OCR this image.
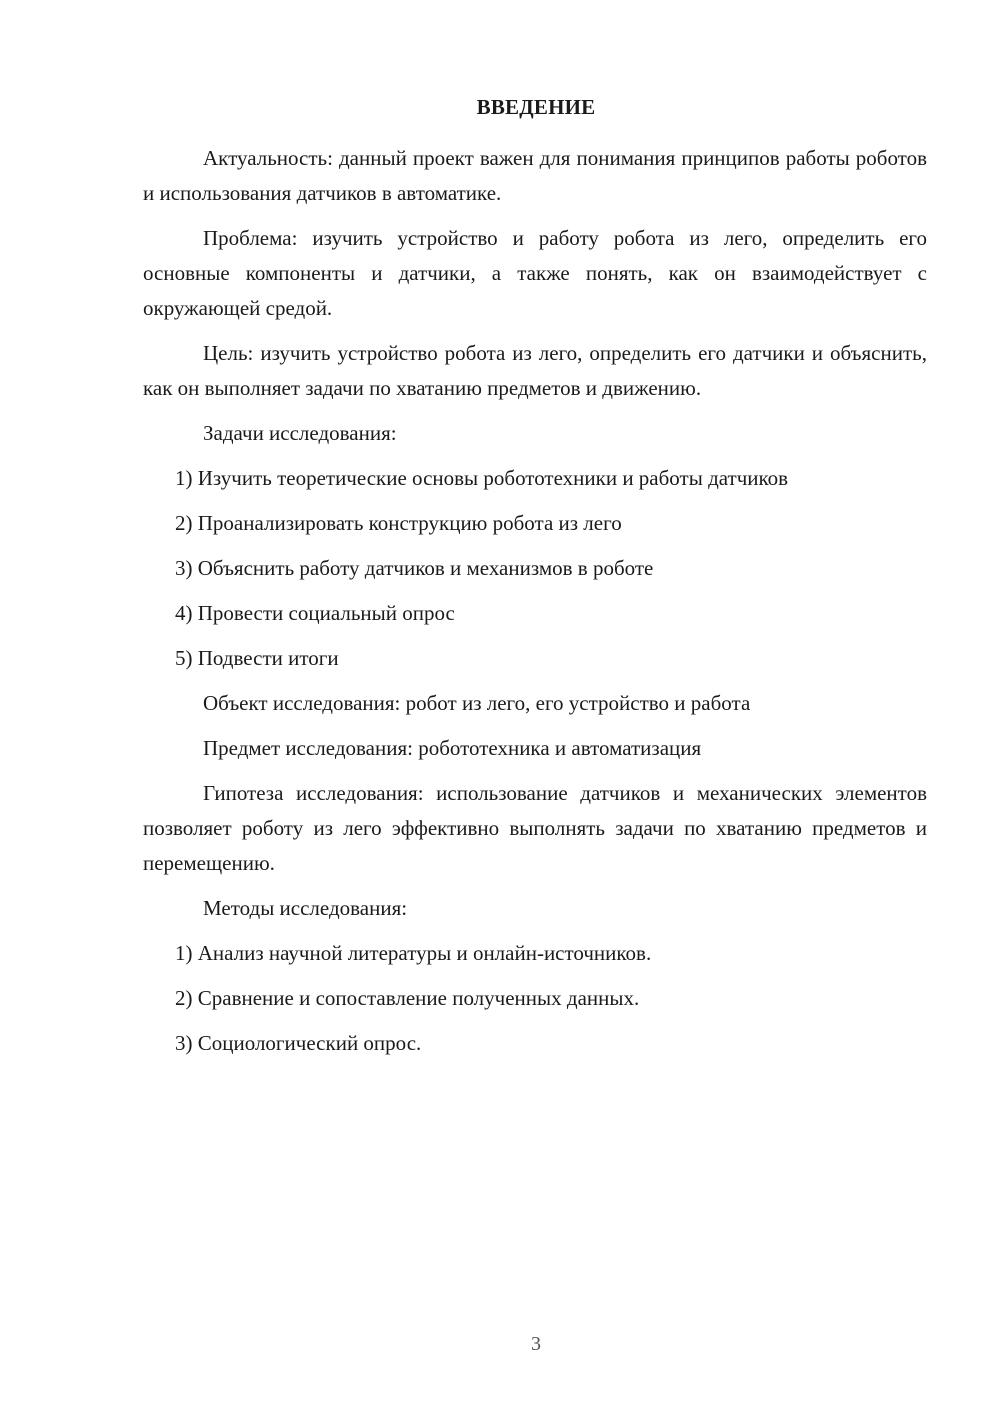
ВВЕДЕНИЕ

Актуальность: данный проект важен для понимания принципов работы роботов и использования датчиков в автоматике.

Проблема: изучить устройство и работу робота из лего, определить его основные компоненты и датчики, а также понять, как он взаимодействует с окружающей средой.

Цель: изучить устройство робота из лего, определить его датчики и объяснить, как он выполняет задачи по хватанию предметов и движению.

Задачи исследования:
1) Изучить теоретические основы робототехники и работы датчиков
2) Проанализировать конструкцию робота из лего
3) Объяснить работу датчиков и механизмов в роботе
4) Провести социальный опрос
5) Подвести итоги
Объект исследования: робот из лего, его устройство и работа
Предмет исследования: робототехника и автоматизация

Гипотеза исследования: использование датчиков и механических элементов позволяет роботу из лего эффективно выполнять задачи по хватанию предметов и перемещению.

Методы исследования:
1) Анализ научной литературы и онлайн-источников.
2) Сравнение и сопоставление полученных данных.
3) Социологический опрос.
3
